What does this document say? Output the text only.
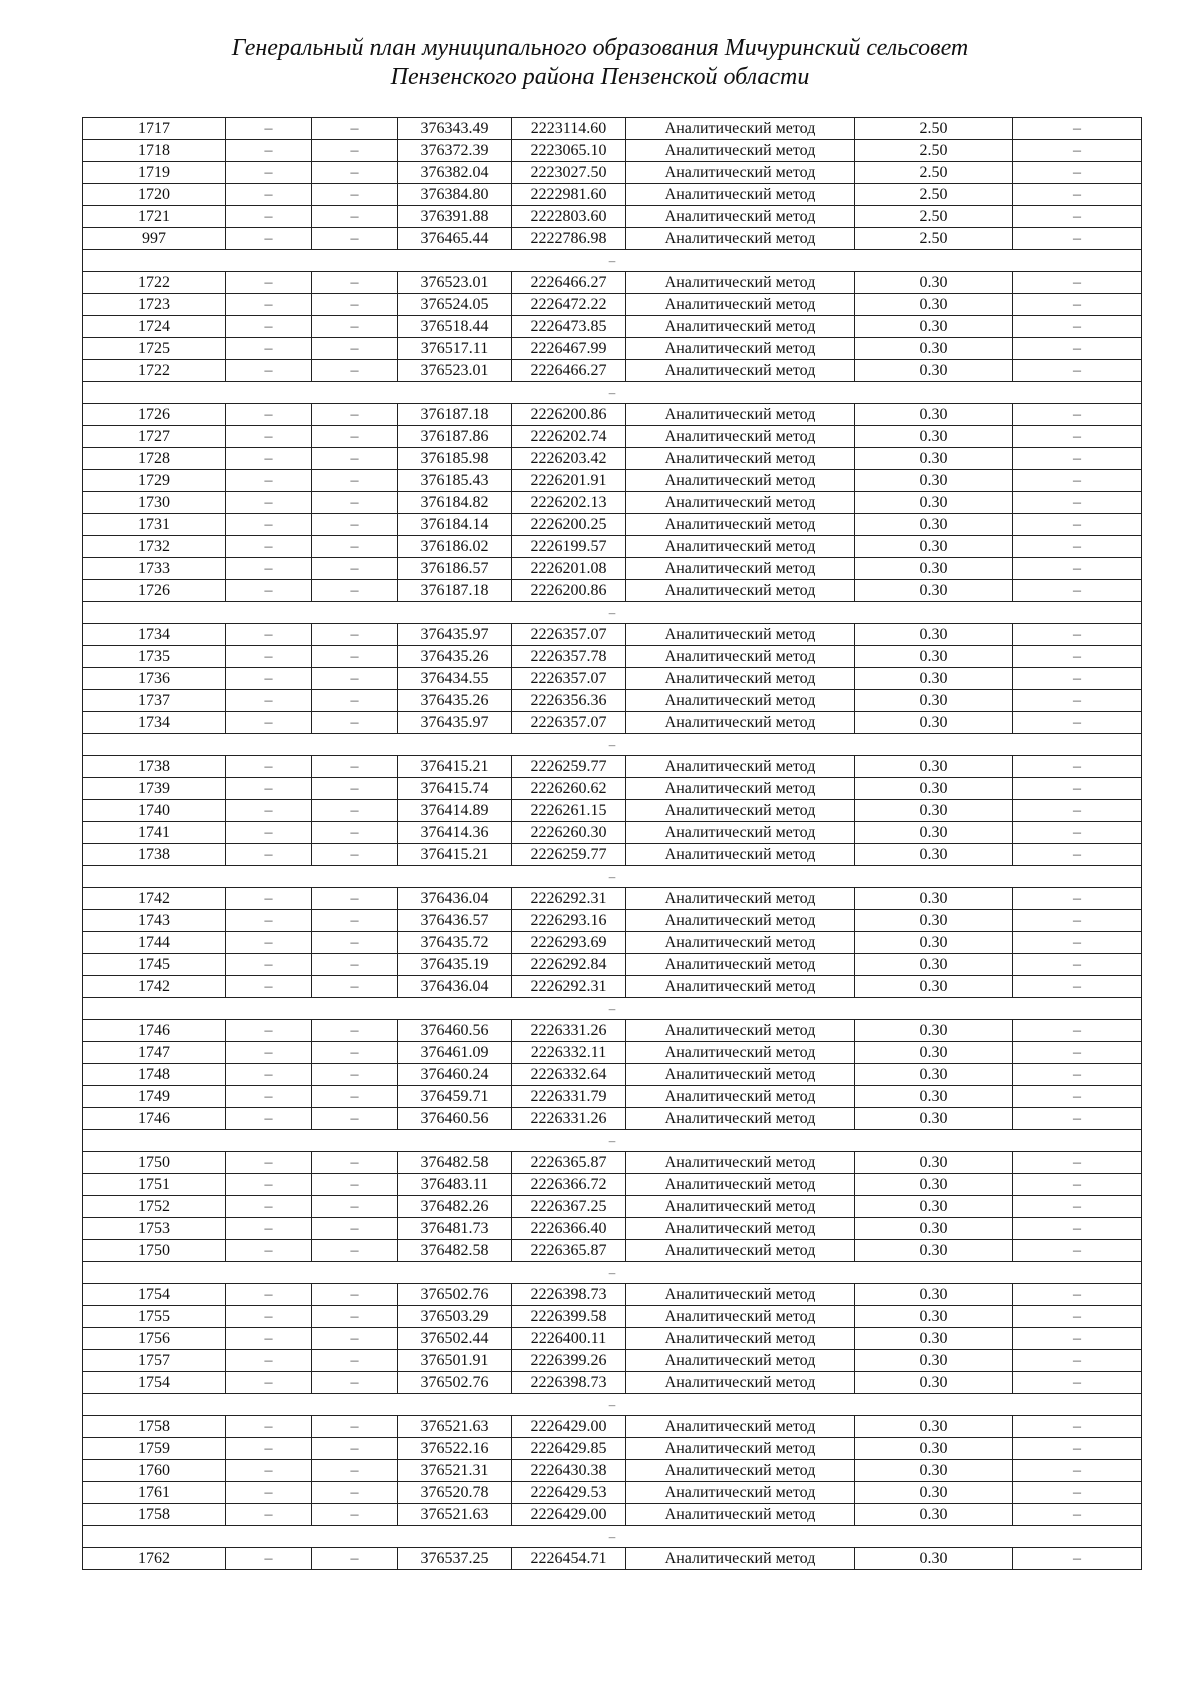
Генеральный план муниципального образования Мичуринский сельсовет
Пензенского района Пензенской области
1717	–	–	376343.49	2223114.60	Аналитический метод	2.50	–
1718	–	–	376372.39	2223065.10	Аналитический метод	2.50	–
1719	–	–	376382.04	2223027.50	Аналитический метод	2.50	–
1720	–	–	376384.80	2222981.60	Аналитический метод	2.50	–
1721	–	–	376391.88	2222803.60	Аналитический метод	2.50	–
997	–	–	376465.44	2222786.98	Аналитический метод	2.50	–
–							
1722	–	–	376523.01	2226466.27	Аналитический метод	0.30	–
1723	–	–	376524.05	2226472.22	Аналитический метод	0.30	–
1724	–	–	376518.44	2226473.85	Аналитический метод	0.30	–
1725	–	–	376517.11	2226467.99	Аналитический метод	0.30	–
1722	–	–	376523.01	2226466.27	Аналитический метод	0.30	–
–							
1726	–	–	376187.18	2226200.86	Аналитический метод	0.30	–
1727	–	–	376187.86	2226202.74	Аналитический метод	0.30	–
1728	–	–	376185.98	2226203.42	Аналитический метод	0.30	–
1729	–	–	376185.43	2226201.91	Аналитический метод	0.30	–
1730	–	–	376184.82	2226202.13	Аналитический метод	0.30	–
1731	–	–	376184.14	2226200.25	Аналитический метод	0.30	–
1732	–	–	376186.02	2226199.57	Аналитический метод	0.30	–
1733	–	–	376186.57	2226201.08	Аналитический метод	0.30	–
1726	–	–	376187.18	2226200.86	Аналитический метод	0.30	–
–							
1734	–	–	376435.97	2226357.07	Аналитический метод	0.30	–
1735	–	–	376435.26	2226357.78	Аналитический метод	0.30	–
1736	–	–	376434.55	2226357.07	Аналитический метод	0.30	–
1737	–	–	376435.26	2226356.36	Аналитический метод	0.30	–
1734	–	–	376435.97	2226357.07	Аналитический метод	0.30	–
–							
1738	–	–	376415.21	2226259.77	Аналитический метод	0.30	–
1739	–	–	376415.74	2226260.62	Аналитический метод	0.30	–
1740	–	–	376414.89	2226261.15	Аналитический метод	0.30	–
1741	–	–	376414.36	2226260.30	Аналитический метод	0.30	–
1738	–	–	376415.21	2226259.77	Аналитический метод	0.30	–
–							
1742	–	–	376436.04	2226292.31	Аналитический метод	0.30	–
1743	–	–	376436.57	2226293.16	Аналитический метод	0.30	–
1744	–	–	376435.72	2226293.69	Аналитический метод	0.30	–
1745	–	–	376435.19	2226292.84	Аналитический метод	0.30	–
1742	–	–	376436.04	2226292.31	Аналитический метод	0.30	–
–							
1746	–	–	376460.56	2226331.26	Аналитический метод	0.30	–
1747	–	–	376461.09	2226332.11	Аналитический метод	0.30	–
1748	–	–	376460.24	2226332.64	Аналитический метод	0.30	–
1749	–	–	376459.71	2226331.79	Аналитический метод	0.30	–
1746	–	–	376460.56	2226331.26	Аналитический метод	0.30	–
–							
1750	–	–	376482.58	2226365.87	Аналитический метод	0.30	–
1751	–	–	376483.11	2226366.72	Аналитический метод	0.30	–
1752	–	–	376482.26	2226367.25	Аналитический метод	0.30	–
1753	–	–	376481.73	2226366.40	Аналитический метод	0.30	–
1750	–	–	376482.58	2226365.87	Аналитический метод	0.30	–
–							
1754	–	–	376502.76	2226398.73	Аналитический метод	0.30	–
1755	–	–	376503.29	2226399.58	Аналитический метод	0.30	–
1756	–	–	376502.44	2226400.11	Аналитический метод	0.30	–
1757	–	–	376501.91	2226399.26	Аналитический метод	0.30	–
1754	–	–	376502.76	2226398.73	Аналитический метод	0.30	–
–							
1758	–	–	376521.63	2226429.00	Аналитический метод	0.30	–
1759	–	–	376522.16	2226429.85	Аналитический метод	0.30	–
1760	–	–	376521.31	2226430.38	Аналитический метод	0.30	–
1761	–	–	376520.78	2226429.53	Аналитический метод	0.30	–
1758	–	–	376521.63	2226429.00	Аналитический метод	0.30	–
–							
1762	–	–	376537.25	2226454.71	Аналитический метод	0.30	–
